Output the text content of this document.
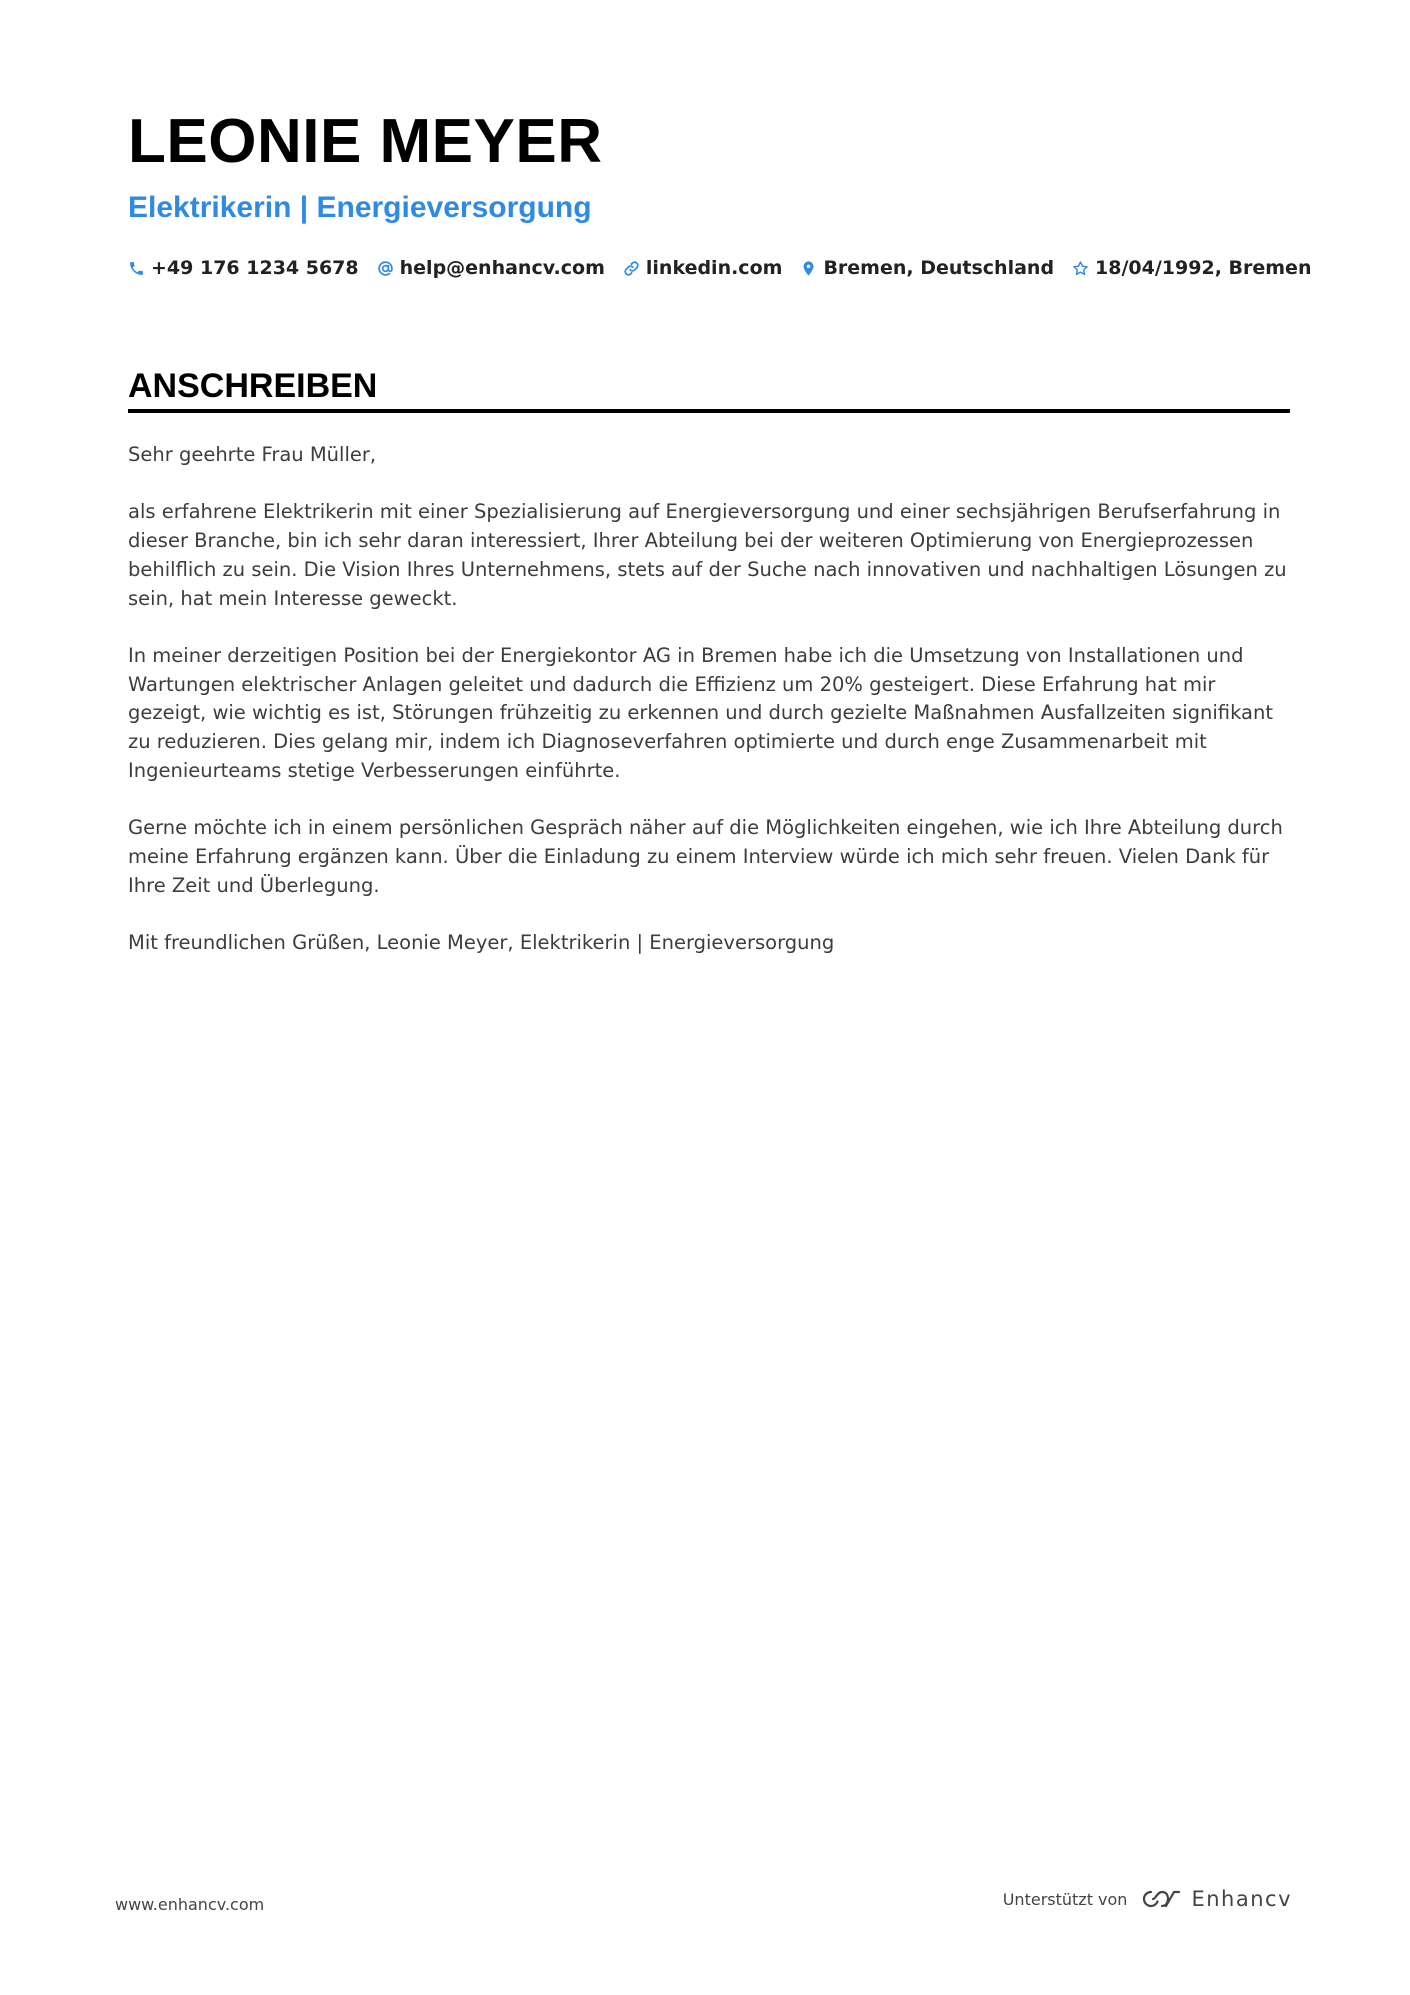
LEONIE MEYER
Elektrikerin | Energieversorgung
+49 176 1234 5678 help@enhancv.com linkedin.com Bremen, Deutschland 18/04/1992, Bremen
ANSCHREIBEN

Sehr geehrte Frau Müller,

als erfahrene Elektrikerin mit einer Spezialisierung auf Energieversorgung und einer sechsjährigen Berufserfahrung in dieser Branche, bin ich sehr daran interessiert, Ihrer Abteilung bei der weiteren Optimierung von Energieprozessen behilflich zu sein. Die Vision Ihres Unternehmens, stets auf der Suche nach innovativen und nachhaltigen Lösungen zu sein, hat mein Interesse geweckt.

In meiner derzeitigen Position bei der Energiekontor AG in Bremen habe ich die Umsetzung von Installationen und Wartungen elektrischer Anlagen geleitet und dadurch die Effizienz um 20% gesteigert. Diese Erfahrung hat mir gezeigt, wie wichtig es ist, Störungen frühzeitig zu erkennen und durch gezielte Maßnahmen Ausfallzeiten signifikant zu reduzieren. Dies gelang mir, indem ich Diagnoseverfahren optimierte und durch enge Zusammenarbeit mit Ingenieurteams stetige Verbesserungen einführte.

Gerne möchte ich in einem persönlichen Gespräch näher auf die Möglichkeiten eingehen, wie ich Ihre Abteilung durch meine Erfahrung ergänzen kann. Über die Einladung zu einem Interview würde ich mich sehr freuen. Vielen Dank für Ihre Zeit und Überlegung.

Mit freundlichen Grüßen, Leonie Meyer, Elektrikerin | Energieversorgung

www.enhancv.com	Unterstützt von	Enhancv
